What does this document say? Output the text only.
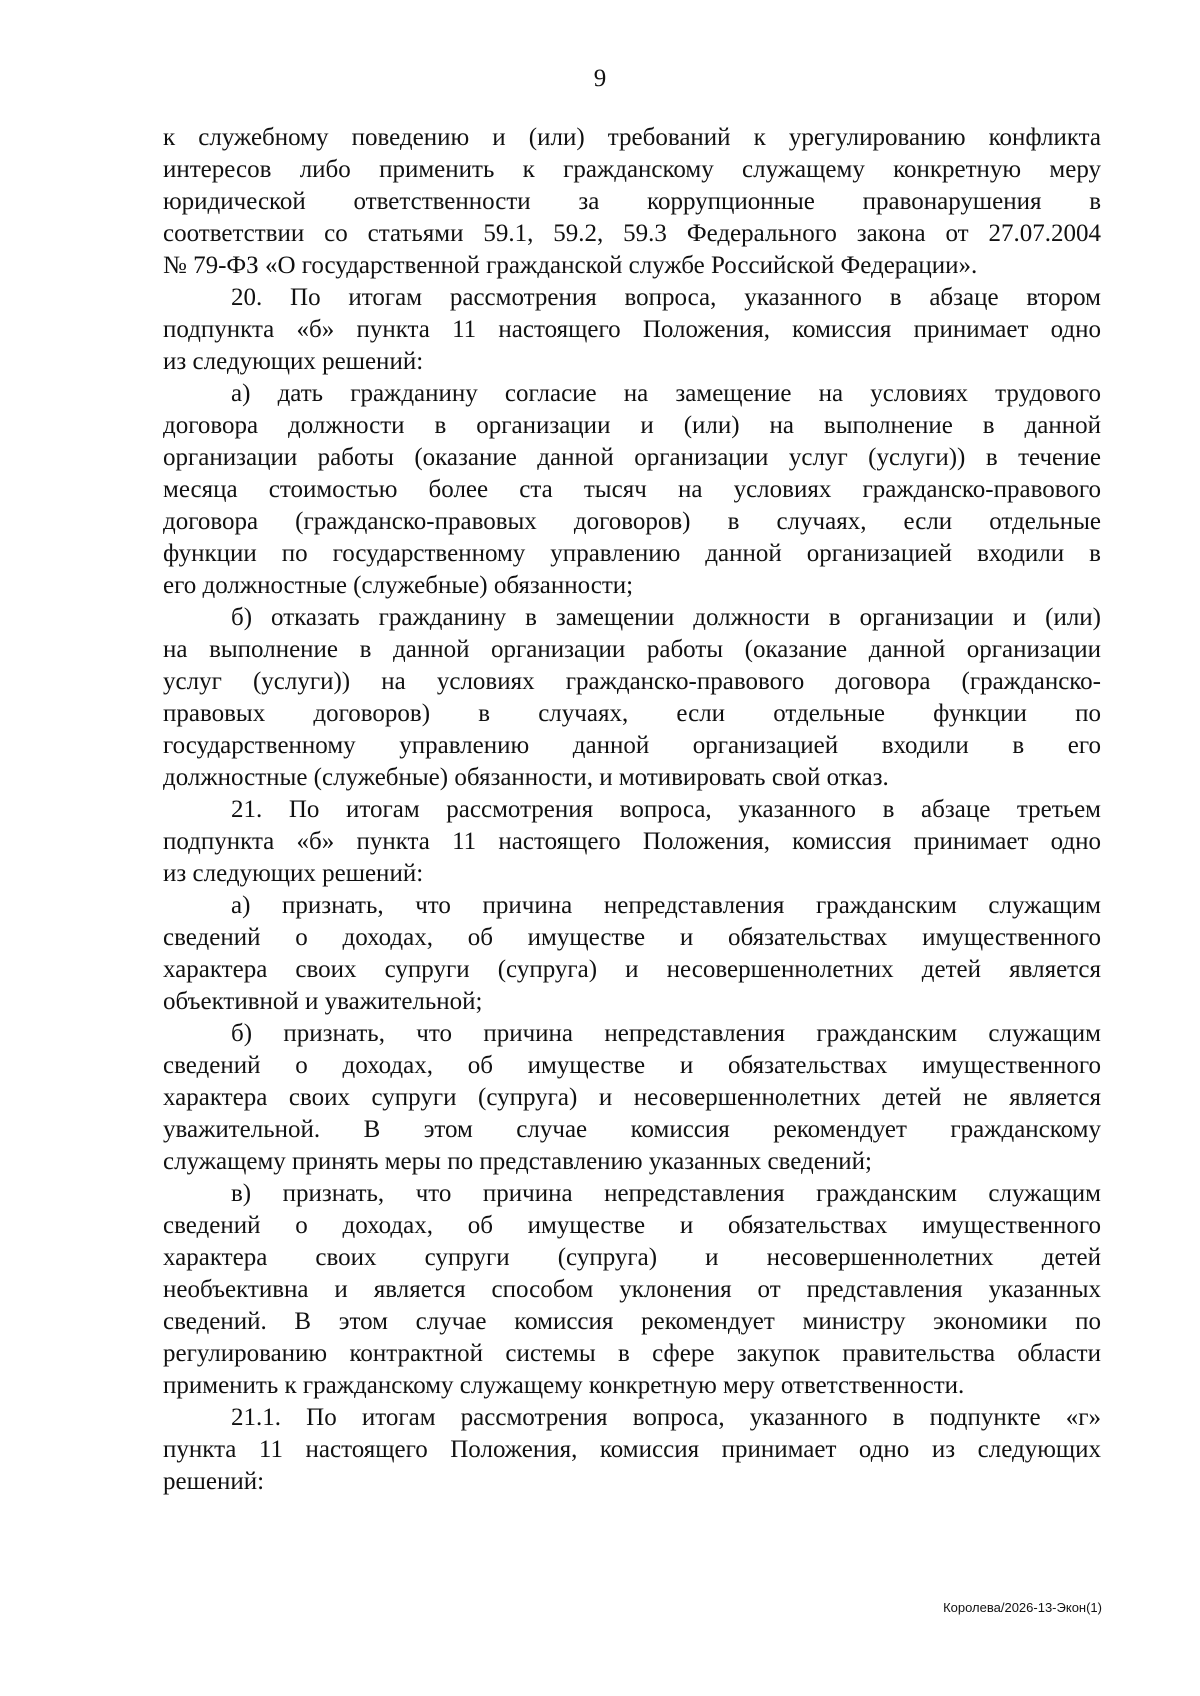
9
к служебному поведению и (или) требований к урегулированию конфликта
интересов либо применить к гражданскому служащему конкретную меру
юридической ответственности за коррупционные правонарушения в
соответствии со статьями 59.1, 59.2, 59.3 Федерального закона от 27.07.2004
№ 79-ФЗ «О государственной гражданской службе Российской Федерации».
20. По итогам рассмотрения вопроса, указанного в абзаце втором
подпункта «б» пункта 11 настоящего Положения, комиссия принимает одно
из следующих решений:
а) дать гражданину согласие на замещение на условиях трудового
договора должности в организации и (или) на выполнение в данной
организации работы (оказание данной организации услуг (услуги)) в течение
месяца стоимостью более ста тысяч на условиях гражданско-правового
договора (гражданско-правовых договоров) в случаях, если отдельные
функции по государственному управлению данной организацией входили в
его должностные (служебные) обязанности;
б) отказать гражданину в замещении должности в организации и (или)
на выполнение в данной организации работы (оказание данной организации
услуг (услуги)) на условиях гражданско-правового договора (гражданско-
правовых договоров) в случаях, если отдельные функции по
государственному управлению данной организацией входили в его
должностные (служебные) обязанности, и мотивировать свой отказ.
21. По итогам рассмотрения вопроса, указанного в абзаце третьем
подпункта «б» пункта 11 настоящего Положения, комиссия принимает одно
из следующих решений:
а) признать, что причина непредставления гражданским служащим
сведений о доходах, об имуществе и обязательствах имущественного
характера своих супруги (супруга) и несовершеннолетних детей является
объективной и уважительной;
б) признать, что причина непредставления гражданским служащим
сведений о доходах, об имуществе и обязательствах имущественного
характера своих супруги (супруга) и несовершеннолетних детей не является
уважительной. В этом случае комиссия рекомендует гражданскому
служащему принять меры по представлению указанных сведений;
в) признать, что причина непредставления гражданским служащим
сведений о доходах, об имуществе и обязательствах имущественного
характера своих супруги (супруга) и несовершеннолетних детей
необъективна и является способом уклонения от представления указанных
сведений. В этом случае комиссия рекомендует министру экономики по
регулированию контрактной системы в сфере закупок правительства области
применить к гражданскому служащему конкретную меру ответственности.
21.1. По итогам рассмотрения вопроса, указанного в подпункте «г»
пункта 11 настоящего Положения, комиссия принимает одно из следующих
решений:
Королева/2026-13-Экон(1)
